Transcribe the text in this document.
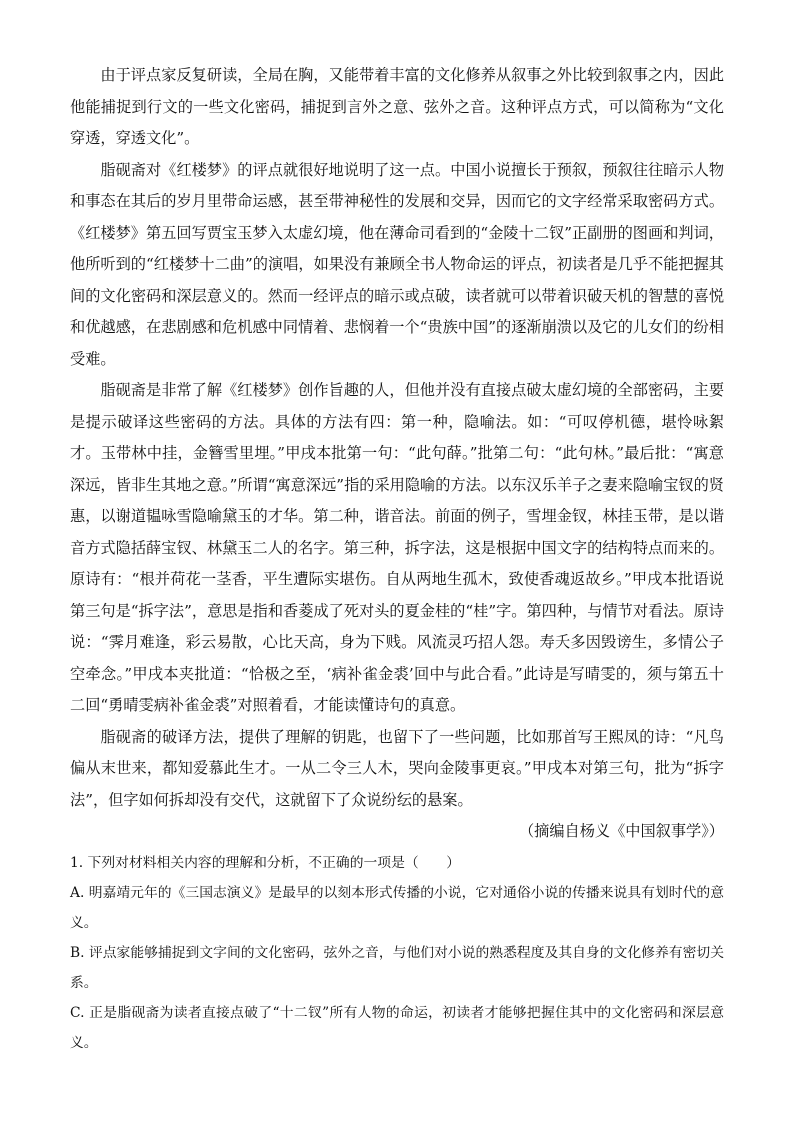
由于评点家反复研读，全局在胸，又能带着丰富的文化修养从叙事之外比较到叙事之内，因此他能捕捉到行文的一些文化密码，捕捉到言外之意、弦外之音。这种评点方式，可以简称为“文化穿透，穿透文化”。

脂砚斋对《红楼梦》的评点就很好地说明了这一点。中国小说擅长于预叙，预叙往往暗示人物和事态在其后的岁月里带命运感，甚至带神秘性的发展和交异，因而它的文字经常采取密码方式。《红楼梦》第五回写贾宝玉梦入太虚幻境，他在薄命司看到的“金陵十二钗”正副册的图画和判词，他所听到的“红楼梦十二曲”的演唱，如果没有兼顾全书人物命运的评点，初读者是几乎不能把握其间的文化密码和深层意义的。然而一经评点的暗示或点破，读者就可以带着识破天机的智慧的喜悦和优越感，在悲剧感和危机感中同情着、悲悯着一个“贵族中国”的逐渐崩溃以及它的儿女们的纷相受难。

脂砚斋是非常了解《红楼梦》创作旨趣的人，但他并没有直接点破太虚幻境的全部密码，主要是提示破译这些密码的方法。具体的方法有四：第一种，隐喻法。如：“可叹停机德，堪怜咏絮才。玉带林中挂，金簪雪里埋。”甲戌本批第一句：“此句薛。”批第二句：“此句林。”最后批：“寓意深远，皆非生其地之意。”所谓“寓意深远”指的采用隐喻的方法。以东汉乐羊子之妻来隐喻宝钗的贤惠，以谢道韫咏雪隐喻黛玉的才华。第二种，谐音法。前面的例子，雪埋金钗，林挂玉带，是以谐音方式隐括薛宝钗、林黛玉二人的名字。第三种，拆字法，这是根据中国文字的结构特点而来的。原诗有：“根并荷花一茎香，平生遭际实堪伤。自从两地生孤木，致使香魂返故乡。”甲戌本批语说第三句是“拆字法”，意思是指和香菱成了死对头的夏金桂的“桂”字。第四种，与情节对看法。原诗说：“霁月难逢，彩云易散，心比天高，身为下贱。风流灵巧招人怨。寿夭多因毁谤生，多情公子空牵念。”甲戌本夹批道：“恰极之至，‘病补雀金裘’回中与此合看。”此诗是写晴雯的，须与第五十二回“勇晴雯病补雀金裘”对照着看，才能读懂诗句的真意。

脂砚斋的破译方法，提供了理解的钥匙，也留下了一些问题，比如那首写王熙凤的诗：“凡鸟偏从末世来，都知爱慕此生才。一从二令三人木，哭向金陵事更哀。”甲戌本对第三句，批为“拆字法”，但字如何拆却没有交代，这就留下了众说纷纭的悬案。

（摘编自杨义《中国叙事学》）

1. 下列对材料相关内容的理解和分析，不正确的一项是（　　）

A. 明嘉靖元年的《三国志演义》是最早的以刻本形式传播的小说，它对通俗小说的传播来说具有划时代的意义。

B. 评点家能够捕捉到文字间的文化密码，弦外之音，与他们对小说的熟悉程度及其自身的文化修养有密切关系。

C. 正是脂砚斋为读者直接点破了“十二钗”所有人物的命运，初读者才能够把握住其中的文化密码和深层意义。
